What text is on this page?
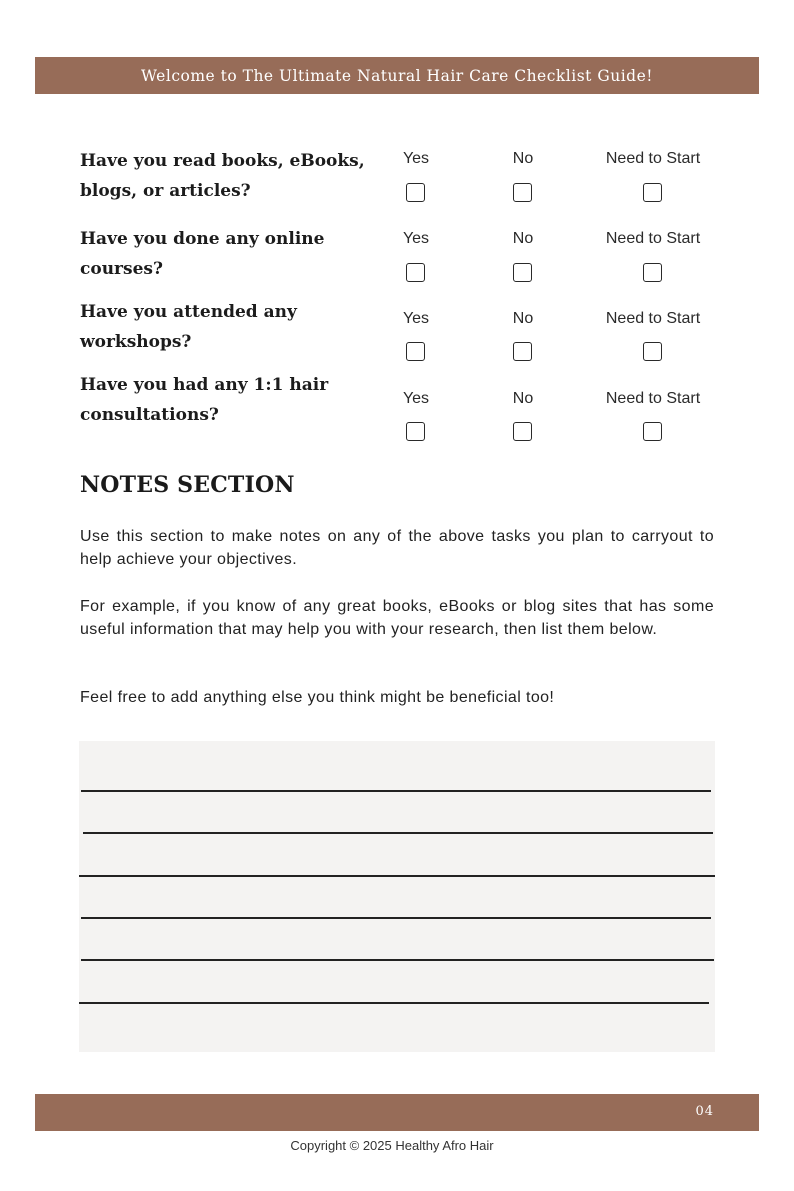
Welcome to The Ultimate Natural Hair Care Checklist Guide!
Have you read books, eBooks,
blogs, or articles?
Yes	No	Need to Start
Have you done any online
courses?
Yes	No	Need to Start
Have you attended any
workshops?
Yes	No	Need to Start
Have you had any 1:1 hair
consultations?
Yes	No	Need to Start
NOTES SECTION
Use this section to make notes on any of the above tasks you plan to carryout to help achieve your objectives.
For example, if you know of any great books, eBooks or blog sites that has some useful information that may help you with your research, then list them below.
Feel free to add anything else you think might be beneficial too!
04
Copyright © 2025 Healthy Afro Hair
